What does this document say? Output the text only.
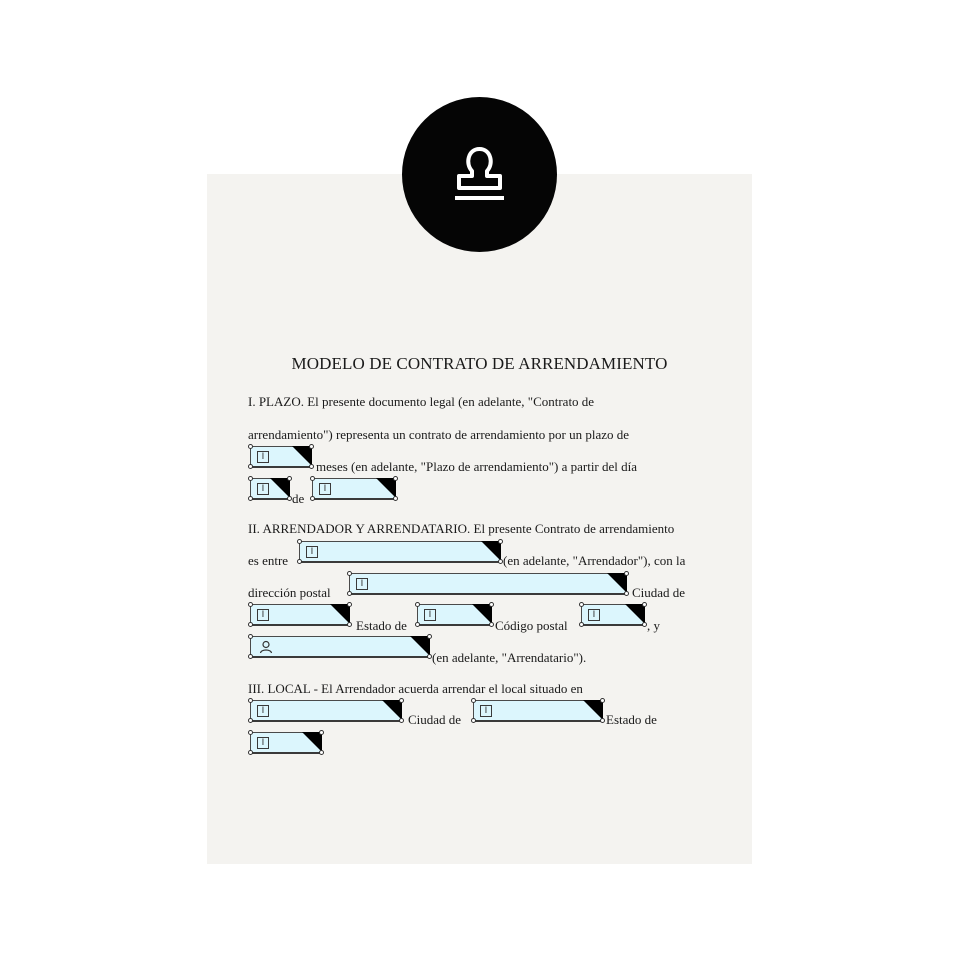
MODELO DE CONTRATO DE ARRENDAMIENTO
I. PLAZO. El presente documento legal (en adelante, "Contrato de
arrendamiento") representa un contrato de arrendamiento por un plazo de
I
meses (en adelante, "Plazo de arrendamiento") a partir del día
I
de
I
II. ARRENDADOR Y ARRENDATARIO. El presente Contrato de arrendamiento
es entre
I
(en adelante, "Arrendador"), con la
dirección postal
I
Ciudad de
I
Estado de
I
Código postal
I
, y
(en adelante, "Arrendatario").
III. LOCAL - El Arrendador acuerda arrendar el local situado en
I
Ciudad de
I
Estado de
I
